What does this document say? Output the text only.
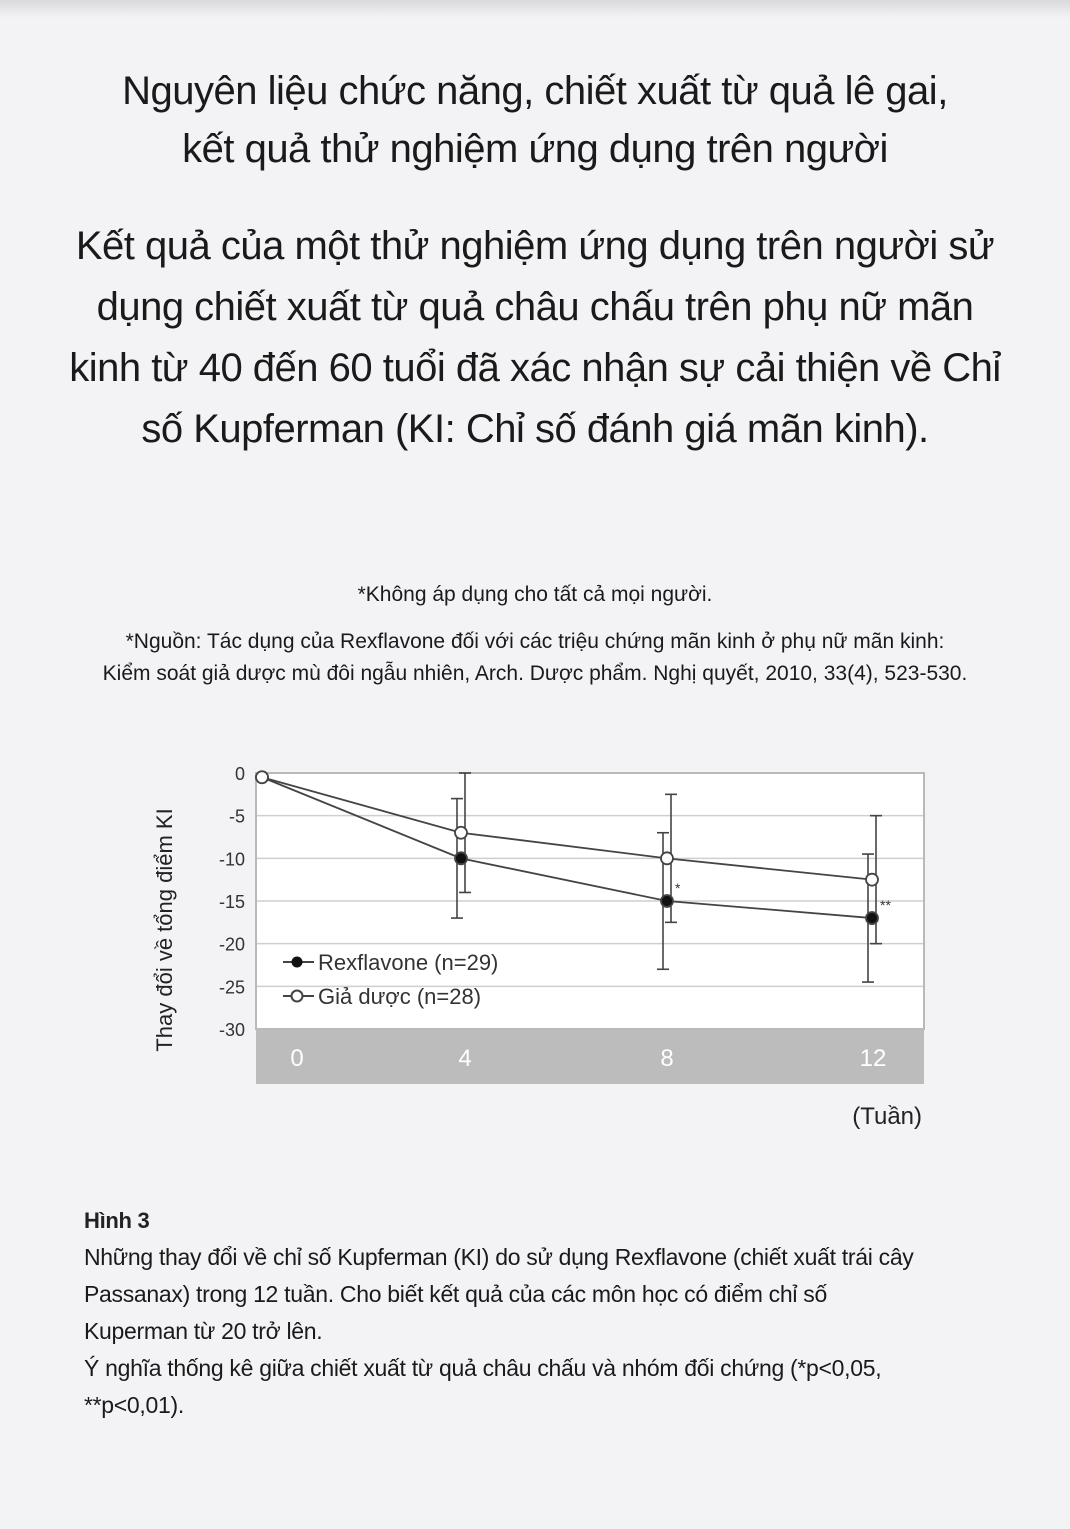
Nguyên liệu chức năng, chiết xuất từ quả lê gai,
kết quả thử nghiệm ứng dụng trên người
Kết quả của một thử nghiệm ứng dụng trên người sử dụng chiết xuất từ quả châu chấu trên phụ nữ mãn kinh từ 40 đến 60 tuổi đã xác nhận sự cải thiện về Chỉ số Kupferman (KI: Chỉ số đánh giá mãn kinh).
*Không áp dụng cho tất cả mọi người.
*Nguồn: Tác dụng của Rexflavone đối với các triệu chứng mãn kinh ở phụ nữ mãn kinh:
Kiểm soát giả dược mù đôi ngẫu nhiên, Arch. Dược phẩm. Nghị quyết, 2010, 33(4), 523-530.
0
-5
-10
-15
-20
-25
-30
0	4	8	12
Thay đổi về tổng điểm KI
(Tuần)
*
**
Rexflavone (n=29)
Giả dược (n=28)
Hình 3
Những thay đổi về chỉ số Kupferman (KI) do sử dụng Rexflavone (chiết xuất trái cây
Passanax) trong 12 tuần. Cho biết kết quả của các môn học có điểm chỉ số
Kuperman từ 20 trở lên.
Ý nghĩa thống kê giữa chiết xuất từ quả châu chấu và nhóm đối chứng (*p<0,05,
**p<0,01).
